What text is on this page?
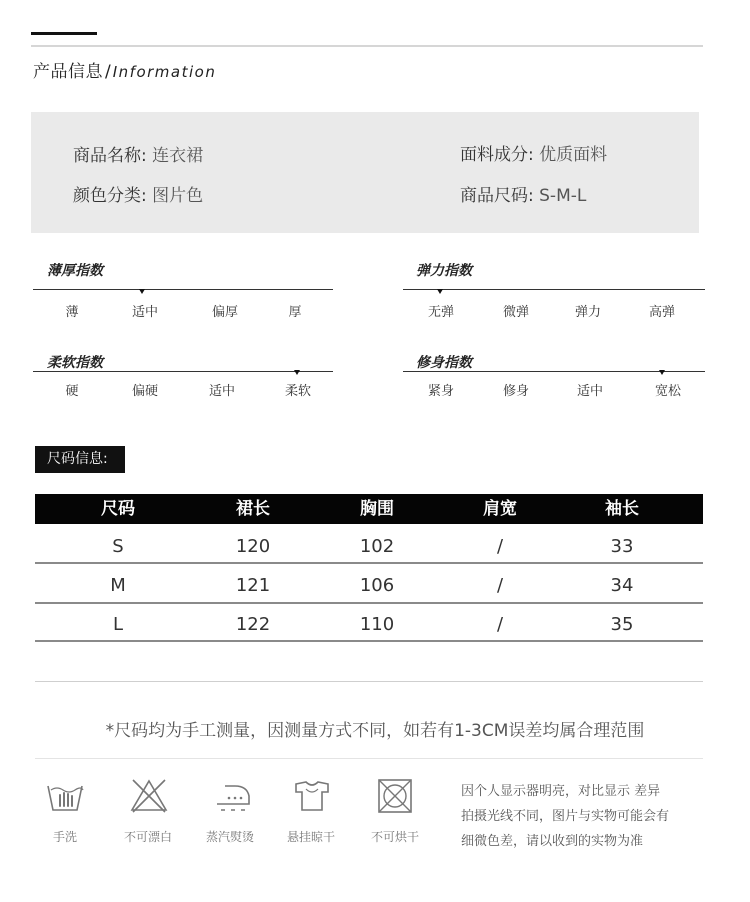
产品信息 / Information
商品名称: 连衣裙	面料成分: 优质面料
颜色分类: 图片色	商品尺码: S-M-L
薄厚指数
薄	适中	偏厚	厚
弹力指数
无弹	微弹	弹力	高弹
柔软指数
硬	偏硬	适中	柔软
修身指数
紧身	修身	适中	宽松
尺码信息:
尺码	裙长	胸围	肩宽	袖长
S	120	102	/	33
M	121	106	/	34
L	122	110	/	35
*尺码均为手工测量，因测量方式不同，如若有1-3CM误差均属合理范围
手洗	不可漂白	蒸汽熨烫	悬挂晾干	不可烘干
因个人显示器明亮，对比显示 差异
拍摄光线不同，图片与实物可能会有
细微色差，请以收到的实物为准
